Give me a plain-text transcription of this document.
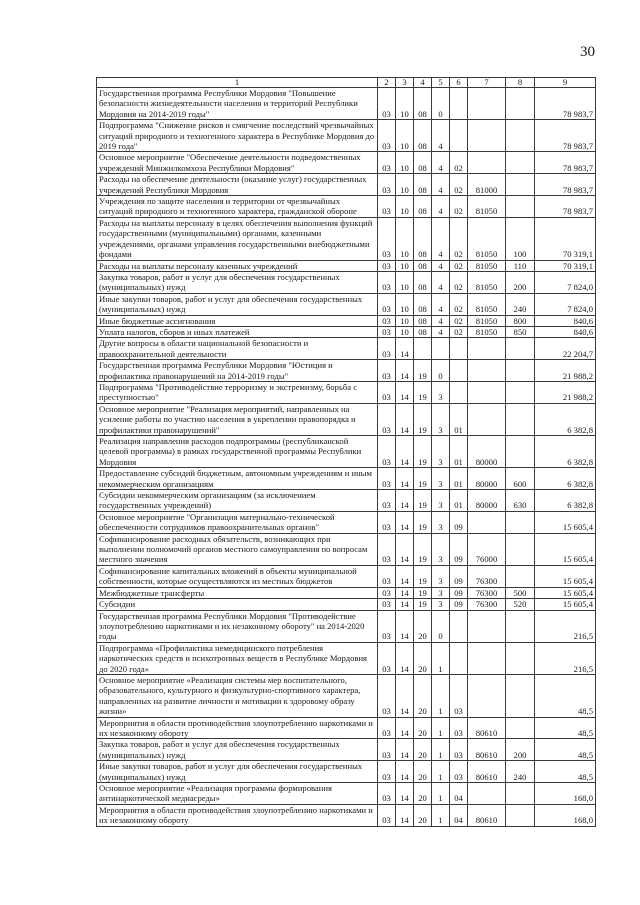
30
1	2	3	4	5	6	7	8	9
Государственная программа Республики Мордовия "Повышение безопасности жизнедеятельности населения и территорий Республики Мордовия на 2014-2019 годы"	03	10	08	0				78 983,7
Подпрограмма "Снижение рисков и смягчение последствий чрезвычайных ситуаций природного и техногенного характера в Республике Мордовия до 2019 года"	03	10	08	4				78 983,7
Основное мероприятие "Обеспечение деятельности подведомственных учреждений Минжилкомхоза Республики Мордовия"	03	10	08	4	02			78 983,7
Расходы на обеспечение деятельности (оказание услуг) государственных учреждений Республики Мордовия	03	10	08	4	02	81000		78 983,7
Учреждения по защите населения и территории от чрезвычайных ситуаций природного и техногенного характера, гражданской обороне	03	10	08	4	02	81050		78 983,7
Расходы на выплаты персоналу в целях обеспечения выполнения функций государственными (муниципальными) органами, казенными учреждениями, органами управления государственными внебюджетными фондами	03	10	08	4	02	81050	100	70 319,1
Расходы на выплаты персоналу казенных учреждений	03	10	08	4	02	81050	110	70 319,1
Закупка товаров, работ и услуг для обеспечения государственных (муниципальных) нужд	03	10	08	4	02	81050	200	7 824,0
Иные закупки товаров, работ и услуг для обеспечения государственных (муниципальных) нужд	03	10	08	4	02	81050	240	7 824,0
Иные бюджетные ассигнования	03	10	08	4	02	81050	800	840,6
Уплата налогов, сборов и иных платежей	03	10	08	4	02	81050	850	840,6
Другие вопросы в области национальной безопасности и правоохранительной деятельности	03	14						22 204,7
Государственная программа Республики Мордовия "Юстиция и профилактика правонарушений на 2014-2019 годы"	03	14	19	0				21 988,2
Подпрограмма "Противодействие терроризму и экстремизму, борьба с преступностью"	03	14	19	3				21 988,2
Основное мероприятие "Реализация мероприятий, направленных на усиление работы по участию населения в укреплении правопорядка и профилактики правонарушений"	03	14	19	3	01			6 382,8
Реализация направления расходов подпрограммы (республиканской целевой программы) в рамках государственной программы Республики Мордовия	03	14	19	3	01	80000		6 382,8
Предоставление субсидий бюджетным, автономным учреждениям и иным некоммерческим организациям	03	14	19	3	01	80000	600	6 382,8
Субсидии некоммерческим организациям (за исключением государственных учреждений)	03	14	19	3	01	80000	630	6 382,8
Основное мероприятие "Организация материально-технической обеспеченности сотрудников правоохранительных органов"	03	14	19	3	09			15 605,4
Софинансирование расходных обязательств, возникающих при выполнении полномочий органов местного самоуправления по вопросам местного значения	03	14	19	3	09	76000		15 605,4
Софинансирование капитальных вложений в объекты муниципальной собственности, которые осуществляются из местных бюджетов	03	14	19	3	09	76300		15 605,4
Межбюджетные трансферты	03	14	19	3	09	76300	500	15 605,4
Субсидии	03	14	19	3	09	76300	520	15 605,4
Государственная программа Республики Мордовия "Противодействие злоупотреблению наркотиками и их незаконному обороту" на 2014-2020 годы	03	14	20	0				216,5
Подпрограмма «Профилактика немедицинского потребления наркотических средств и психотропных веществ в Республике Мордовия до 2020 года»	03	14	20	1				216,5
Основное мероприятие «Реализация системы мер воспитательного, образовательного, культурного и физкультурно-спортивного характера, направленных на развитие личности и мотивации к здоровому образу жизни»	03	14	20	1	03			48,5
Мероприятия в области противодействия злоупотреблению наркотиками и их незаконному обороту	03	14	20	1	03	80610		48,5
Закупка товаров, работ и услуг для обеспечения государственных (муниципальных) нужд	03	14	20	1	03	80610	200	48,5
Иные закупки товаров, работ и услуг для обеспечения государственных (муниципальных) нужд	03	14	20	1	03	80610	240	48,5
Основное мероприятие «Реализация программы формирования антинаркотической медиасреды»	03	14	20	1	04			168,0
Мероприятия в области противодействия злоупотреблению наркотиками и их незаконному обороту	03	14	20	1	04	80610		168,0
